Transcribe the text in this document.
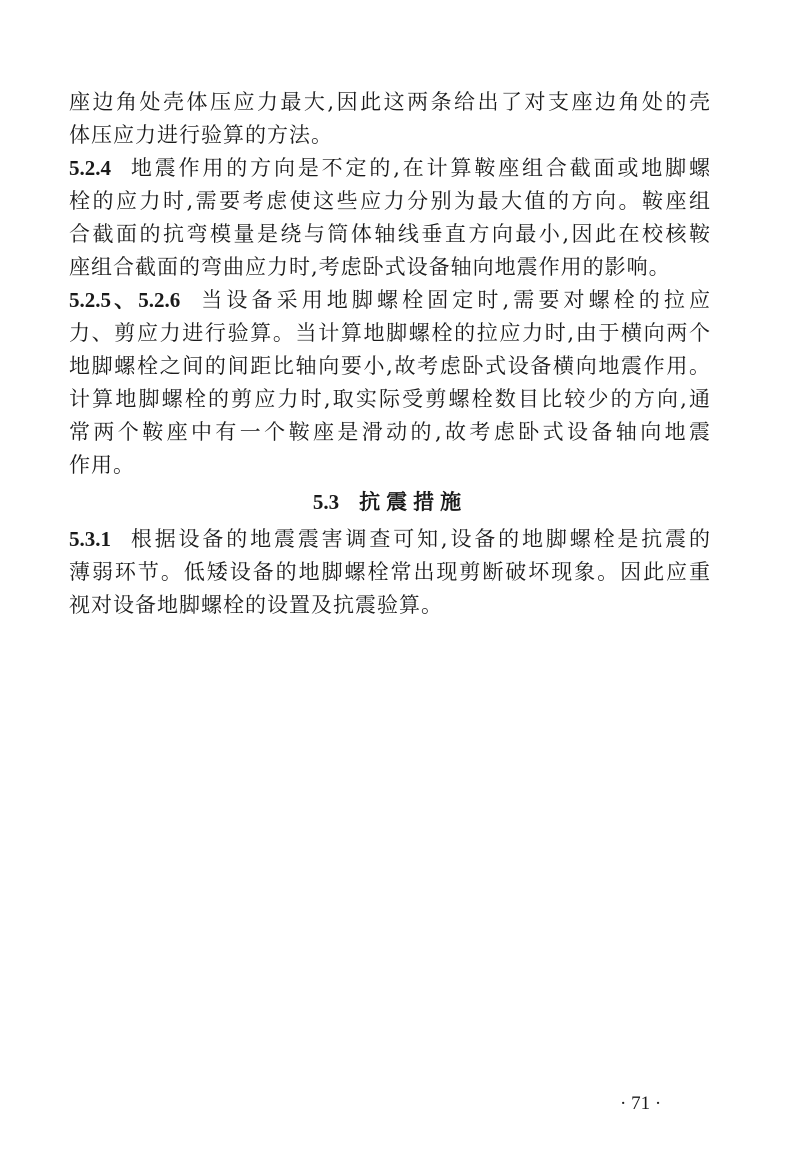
座边角处壳体压应力最大,因此这两条给出了对支座边角处的壳
体压应力进行验算的方法。
5.2.4 地震作用的方向是不定的,在计算鞍座组合截面或地脚螺
栓的应力时,需要考虑使这些应力分别为最大值的方向。鞍座组
合截面的抗弯模量是绕与筒体轴线垂直方向最小,因此在校核鞍
座组合截面的弯曲应力时,考虑卧式设备轴向地震作用的影响。
5.2.5、5.2.6 当设备采用地脚螺栓固定时,需要对螺栓的拉应
力、剪应力进行验算。当计算地脚螺栓的拉应力时,由于横向两个
地脚螺栓之间的间距比轴向要小,故考虑卧式设备横向地震作用。
计算地脚螺栓的剪应力时,取实际受剪螺栓数目比较少的方向,通
常两个鞍座中有一个鞍座是滑动的,故考虑卧式设备轴向地震
作用。
5.3 抗震措施
5.3.1 根据设备的地震震害调查可知,设备的地脚螺栓是抗震的
薄弱环节。低矮设备的地脚螺栓常出现剪断破坏现象。因此应重
视对设备地脚螺栓的设置及抗震验算。
· 71 ·
